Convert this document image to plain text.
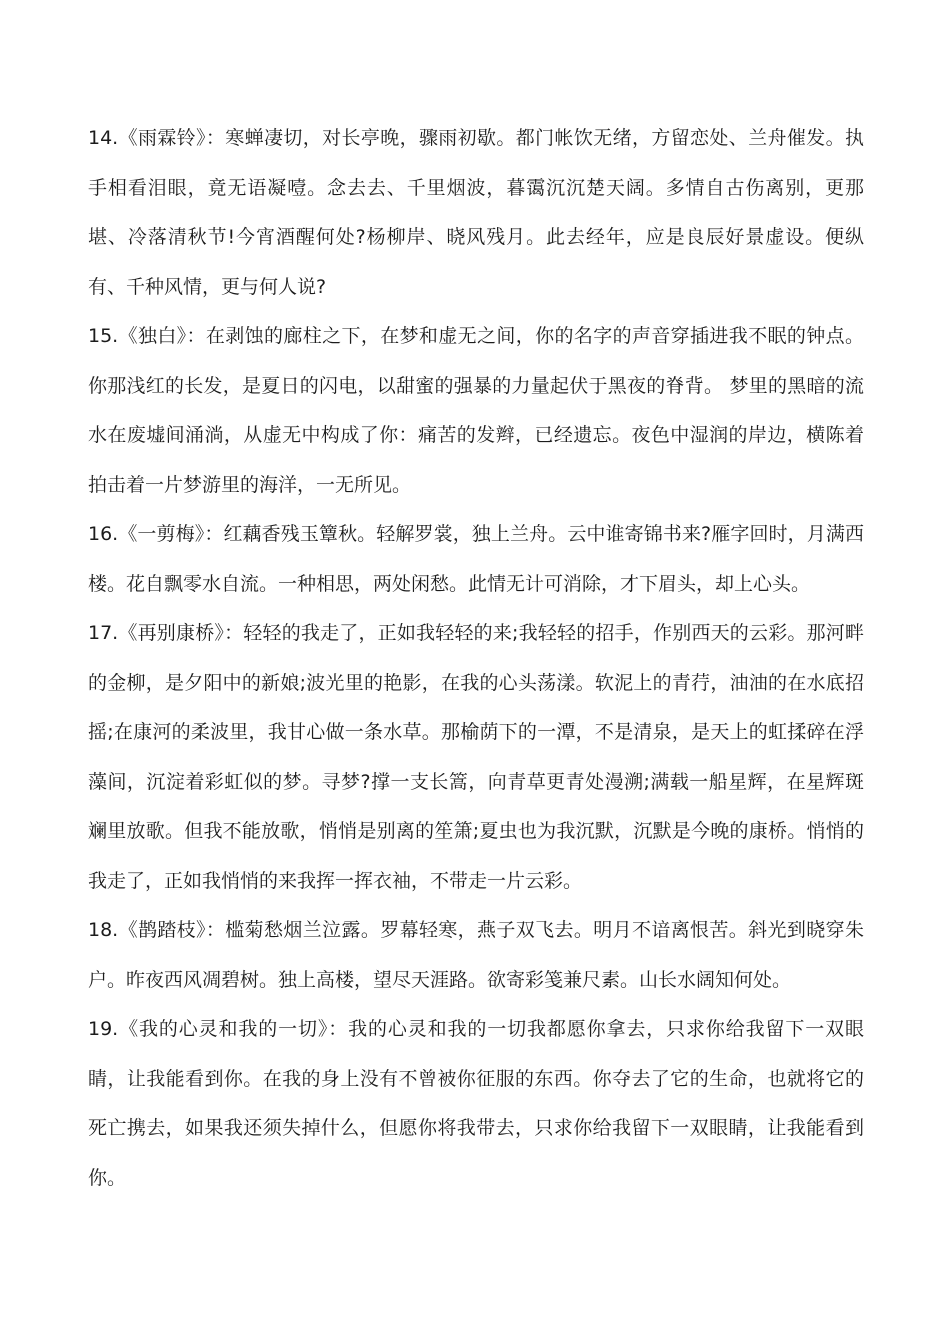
14.《雨霖铃》：寒蝉凄切，对长亭晚，骤雨初歇。都门帐饮无绪，方留恋处、兰舟催发。执手相看泪眼，竟无语凝噎。念去去、千里烟波，暮霭沉沉楚天阔。多情自古伤离别，更那堪、冷落清秋节!今宵酒醒何处?杨柳岸、晓风残月。此去经年，应是良辰好景虚设。便纵有、千种风情，更与何人说?

15.《独白》：在剥蚀的廊柱之下，在梦和虚无之间，你的名字的声音穿插进我不眠的钟点。你那浅红的长发，是夏日的闪电，以甜蜜的强暴的力量起伏于黑夜的脊背。 梦里的黑暗的流水在废墟间涌淌，从虚无中构成了你：痛苦的发辫，已经遗忘。夜色中湿润的岸边，横陈着拍击着一片梦游里的海洋，一无所见。

16.《一剪梅》：红藕香残玉簟秋。轻解罗裳，独上兰舟。云中谁寄锦书来?雁字回时，月满西楼。花自飘零水自流。一种相思，两处闲愁。此情无计可消除，才下眉头，却上心头。

17.《再别康桥》：轻轻的我走了，正如我轻轻的来;我轻轻的招手，作别西天的云彩。那河畔的金柳，是夕阳中的新娘;波光里的艳影，在我的心头荡漾。软泥上的青荇，油油的在水底招摇;在康河的柔波里，我甘心做一条水草。那榆荫下的一潭，不是清泉，是天上的虹揉碎在浮藻间，沉淀着彩虹似的梦。寻梦?撑一支长篙，向青草更青处漫溯;满载一船星辉，在星辉斑斓里放歌。但我不能放歌，悄悄是别离的笙箫;夏虫也为我沉默，沉默是今晚的康桥。悄悄的我走了，正如我悄悄的来我挥一挥衣袖，不带走一片云彩。

18.《鹊踏枝》：槛菊愁烟兰泣露。罗幕轻寒，燕子双飞去。明月不谙离恨苦。斜光到晓穿朱户。昨夜西风凋碧树。独上高楼，望尽天涯路。欲寄彩笺兼尺素。山长水阔知何处。

19.《我的心灵和我的一切》：我的心灵和我的一切我都愿你拿去，只求你给我留下一双眼睛，让我能看到你。在我的身上没有不曾被你征服的东西。你夺去了它的生命，也就将它的死亡携去，如果我还须失掉什么，但愿你将我带去，只求你给我留下一双眼睛，让我能看到你。
